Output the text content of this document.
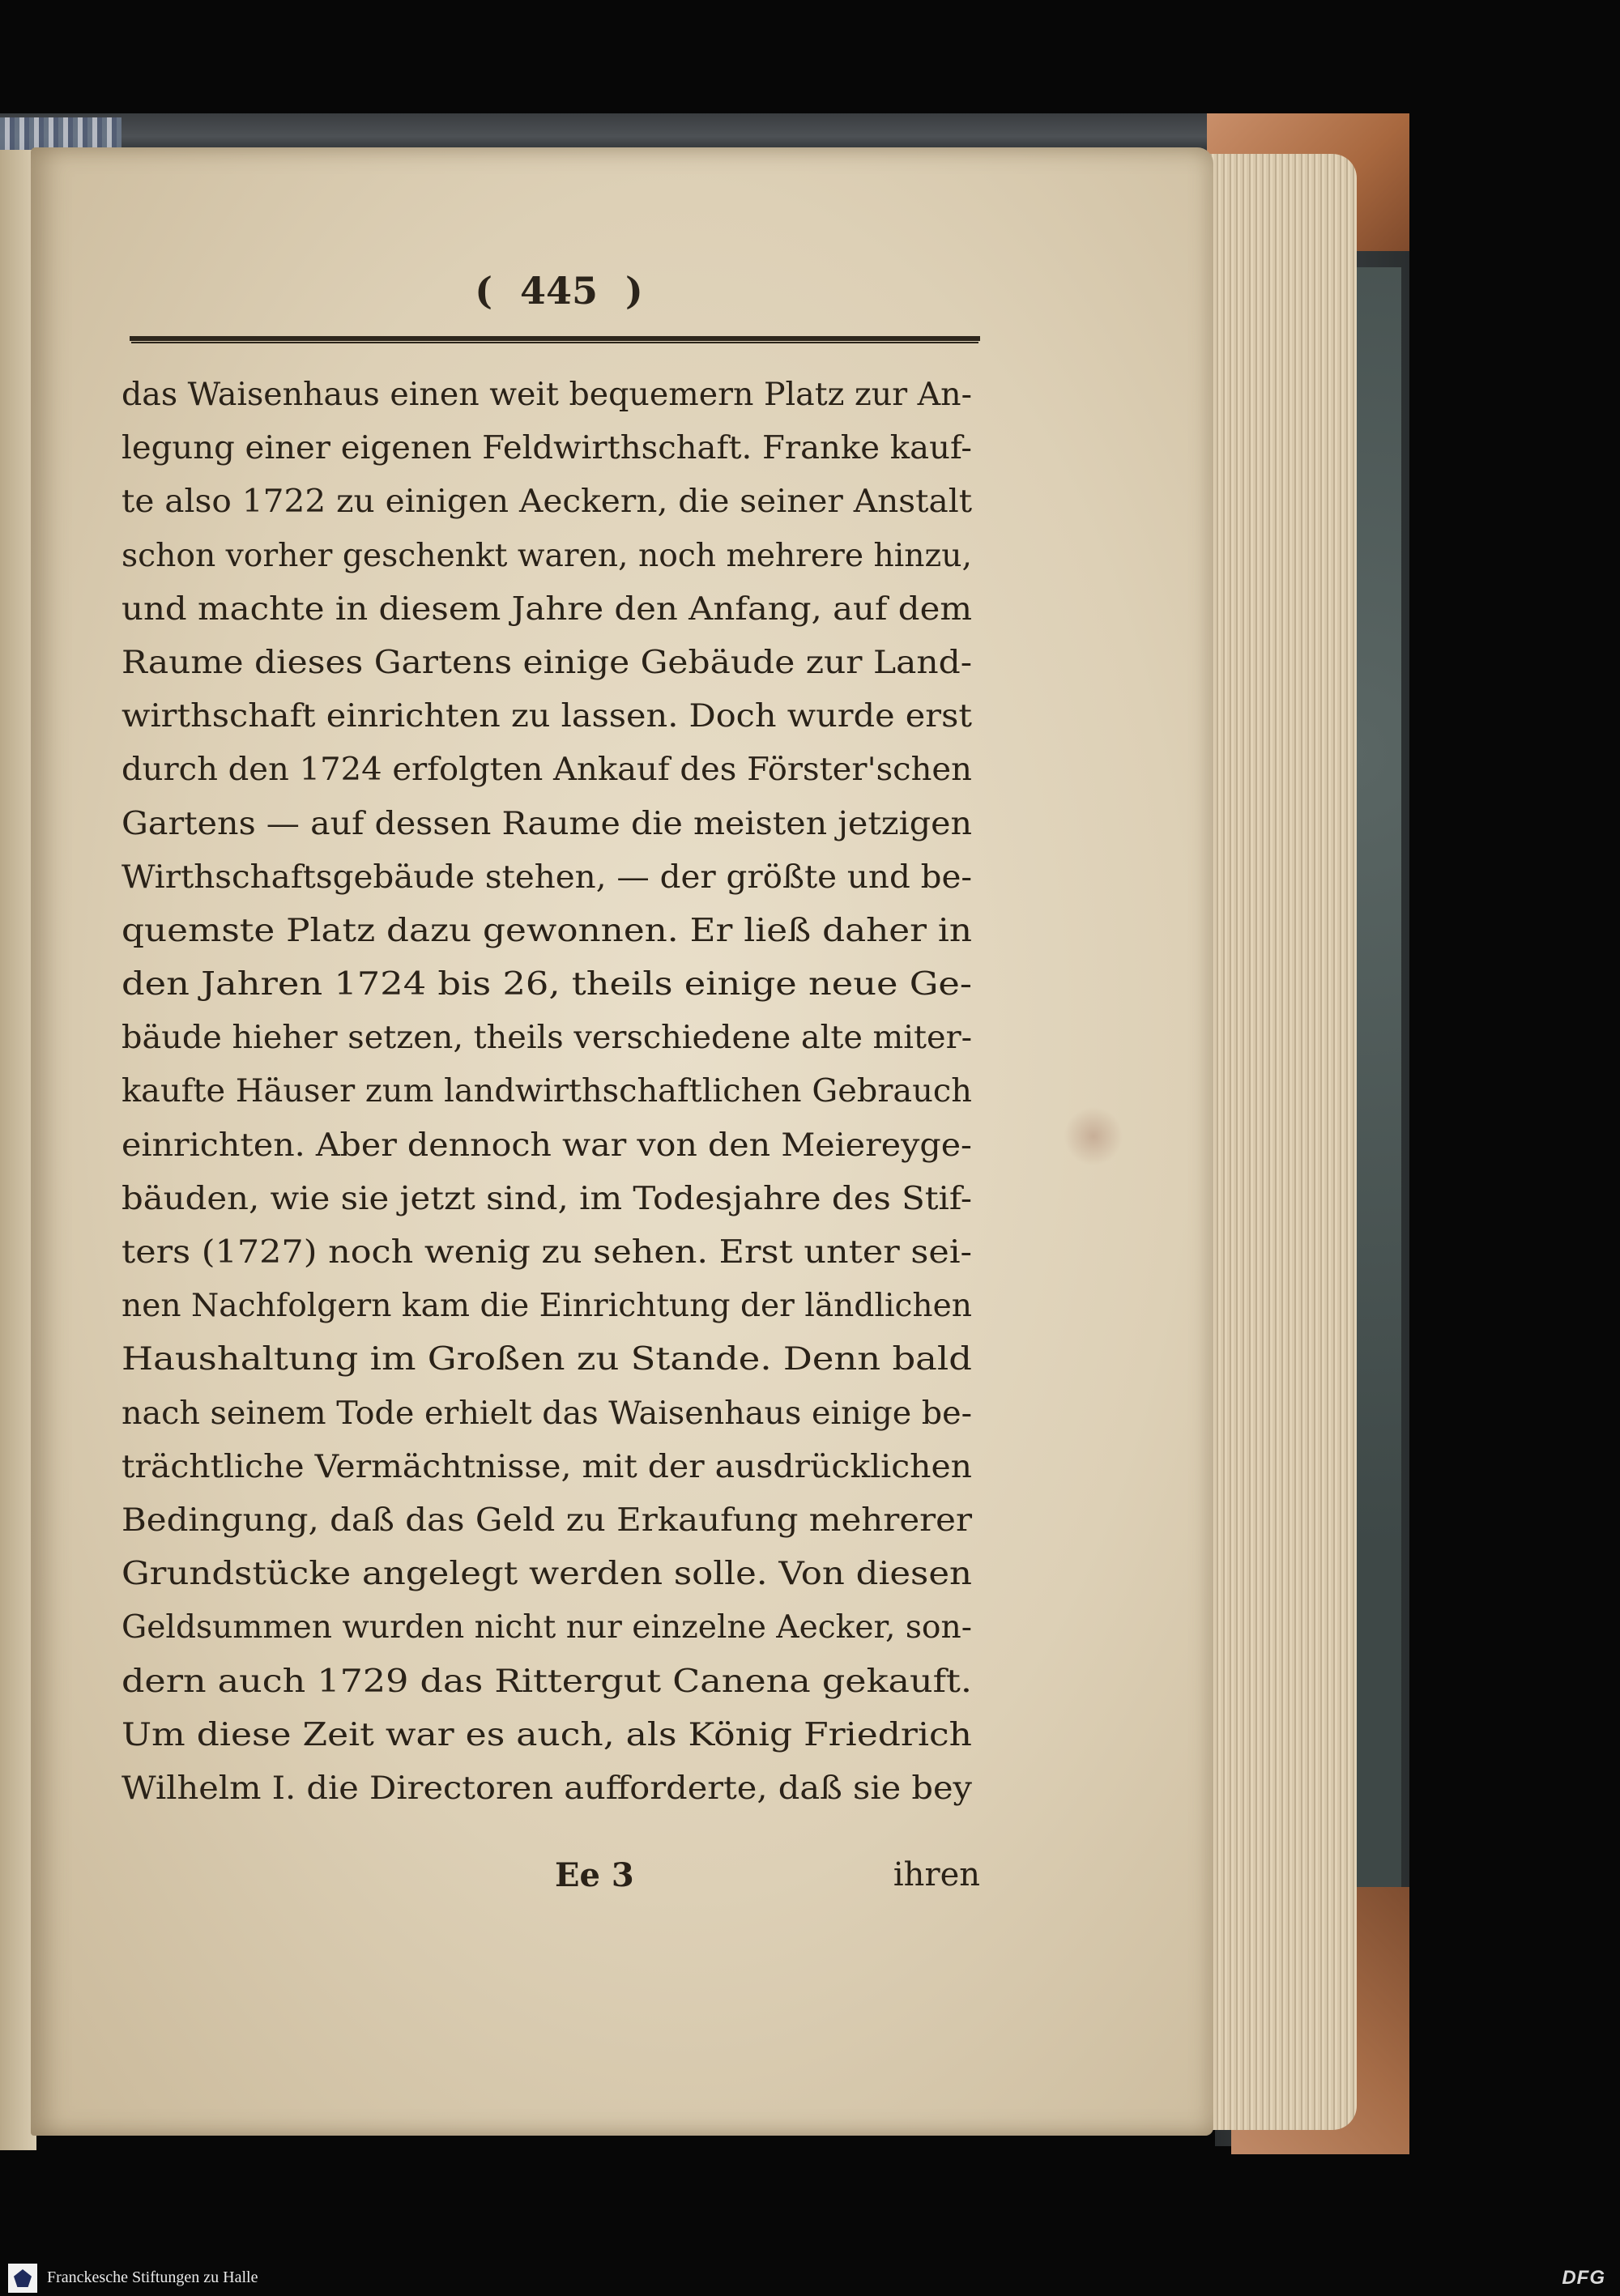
( 445 )
das Waisenhaus einen weit bequemern Platz zur An-
legung einer eigenen Feldwirthschaft. Franke kauf-
te also 1722 zu einigen Aeckern, die seiner Anstalt
schon vorher geschenkt waren, noch mehrere hinzu,
und machte in diesem Jahre den Anfang, auf dem
Raume dieses Gartens einige Gebäude zur Land-
wirthschaft einrichten zu lassen. Doch wurde erst
durch den 1724 erfolgten Ankauf des Förster'schen
Gartens — auf dessen Raume die meisten jetzigen
Wirthschaftsgebäude stehen, — der größte und be-
quemste Platz dazu gewonnen. Er ließ daher in
den Jahren 1724 bis 26, theils einige neue Ge-
bäude hieher setzen, theils verschiedene alte miter-
kaufte Häuser zum landwirthschaftlichen Gebrauch
einrichten. Aber dennoch war von den Meiereyge-
bäuden, wie sie jetzt sind, im Todesjahre des Stif-
ters (1727) noch wenig zu sehen. Erst unter sei-
nen Nachfolgern kam die Einrichtung der ländlichen
Haushaltung im Großen zu Stande. Denn bald
nach seinem Tode erhielt das Waisenhaus einige be-
trächtliche Vermächtnisse, mit der ausdrücklichen
Bedingung, daß das Geld zu Erkaufung mehrerer
Grundstücke angelegt werden solle. Von diesen
Geldsummen wurden nicht nur einzelne Aecker, son-
dern auch 1729 das Rittergut Canena gekauft.
Um diese Zeit war es auch, als König Friedrich
Wilhelm I. die Directoren aufforderte, daß sie bey
Ee 3	ihren
Franckesche Stiftungen zu Halle	DFG
